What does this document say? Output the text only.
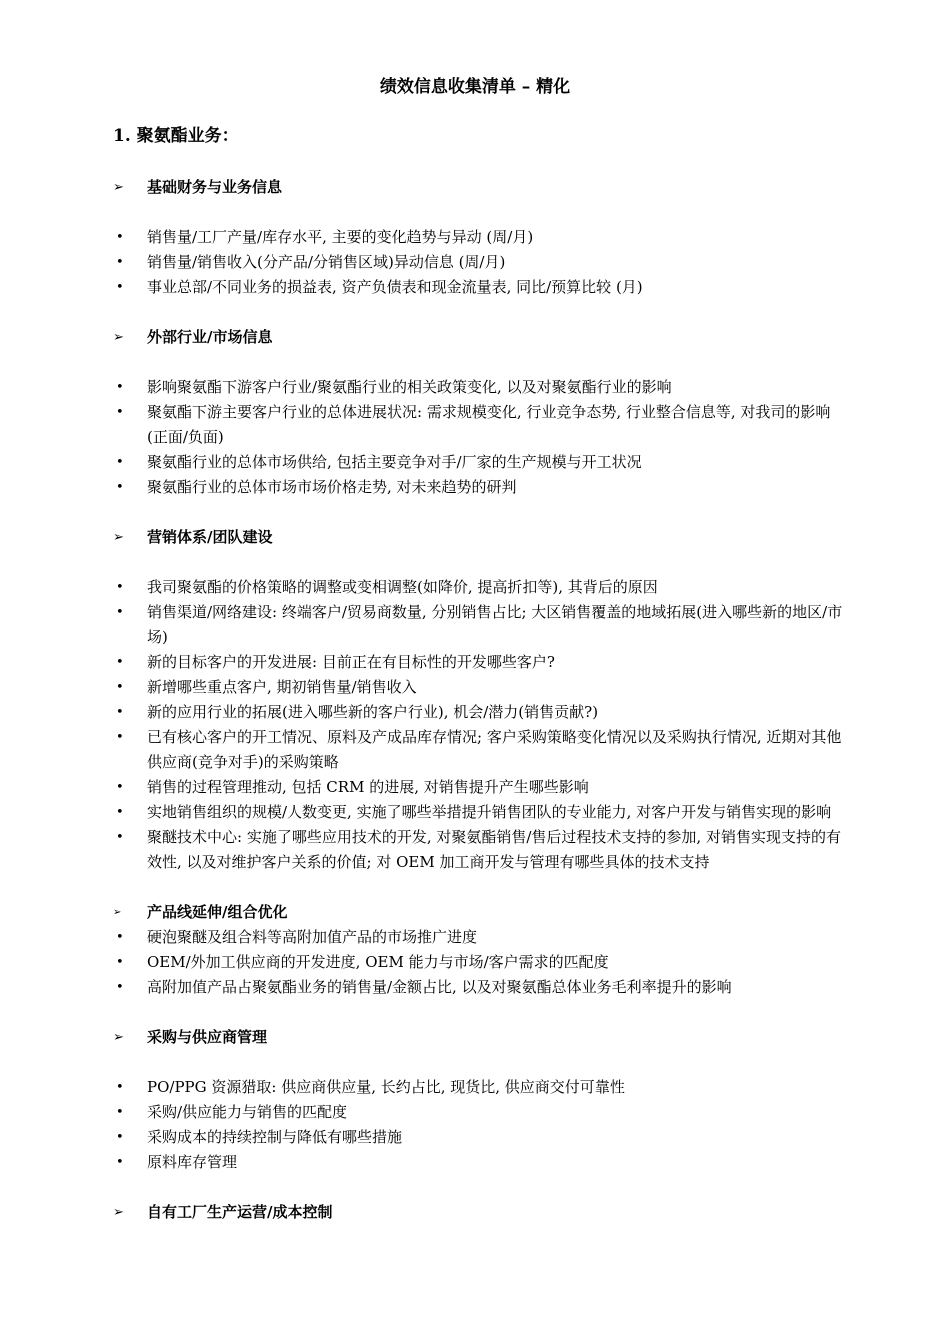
绩效信息收集清单 – 精化
1. 聚氨酯业务：
➢	基础财务与业务信息
• 销售量/工厂产量/库存水平, 主要的变化趋势与异动 (周/月)
• 销售量/销售收入(分产品/分销售区域)异动信息 (周/月)
• 事业总部/不同业务的损益表, 资产负债表和现金流量表, 同比/预算比较 (月)
➢	外部行业/市场信息
• 影响聚氨酯下游客户行业/聚氨酯行业的相关政策变化, 以及对聚氨酯行业的影响
• 聚氨酯下游主要客户行业的总体进展状况: 需求规模变化, 行业竞争态势, 行业整合信息等, 对我司的影响(正面/负面)
• 聚氨酯行业的总体市场供给, 包括主要竞争对手/厂家的生产规模与开工状况
• 聚氨酯行业的总体市场市场价格走势, 对未来趋势的研判
➢	营销体系/团队建设
• 我司聚氨酯的价格策略的调整或变相调整(如降价, 提高折扣等), 其背后的原因
• 销售渠道/网络建设: 终端客户/贸易商数量, 分别销售占比; 大区销售覆盖的地域拓展(进入哪些新的地区/市场)
• 新的目标客户的开发进展: 目前正在有目标性的开发哪些客户?
• 新增哪些重点客户, 期初销售量/销售收入
• 新的应用行业的拓展(进入哪些新的客户行业), 机会/潜力(销售贡献?)
• 已有核心客户的开工情况、原料及产成品库存情况; 客户采购策略变化情况以及采购执行情况, 近期对其他供应商(竞争对手)的采购策略
• 销售的过程管理推动, 包括 CRM 的进展, 对销售提升产生哪些影响
• 实地销售组织的规模/人数变更, 实施了哪些举措提升销售团队的专业能力, 对客户开发与销售实现的影响
• 聚醚技术中心: 实施了哪些应用技术的开发, 对聚氨酯销售/售后过程技术支持的参加, 对销售实现支持的有效性, 以及对维护客户关系的价值; 对 OEM 加工商开发与管理有哪些具体的技术支持
➢	产品线延伸/组合优化
• 硬泡聚醚及组合料等高附加值产品的市场推广进度
• OEM/外加工供应商的开发进度, OEM 能力与市场/客户需求的匹配度
• 高附加值产品占聚氨酯业务的销售量/金额占比, 以及对聚氨酯总体业务毛利率提升的影响
➢	采购与供应商管理
• PO/PPG 资源猎取: 供应商供应量, 长约占比, 现货比, 供应商交付可靠性
• 采购/供应能力与销售的匹配度
• 采购成本的持续控制与降低有哪些措施
• 原料库存管理
➢	自有工厂生产运营/成本控制
